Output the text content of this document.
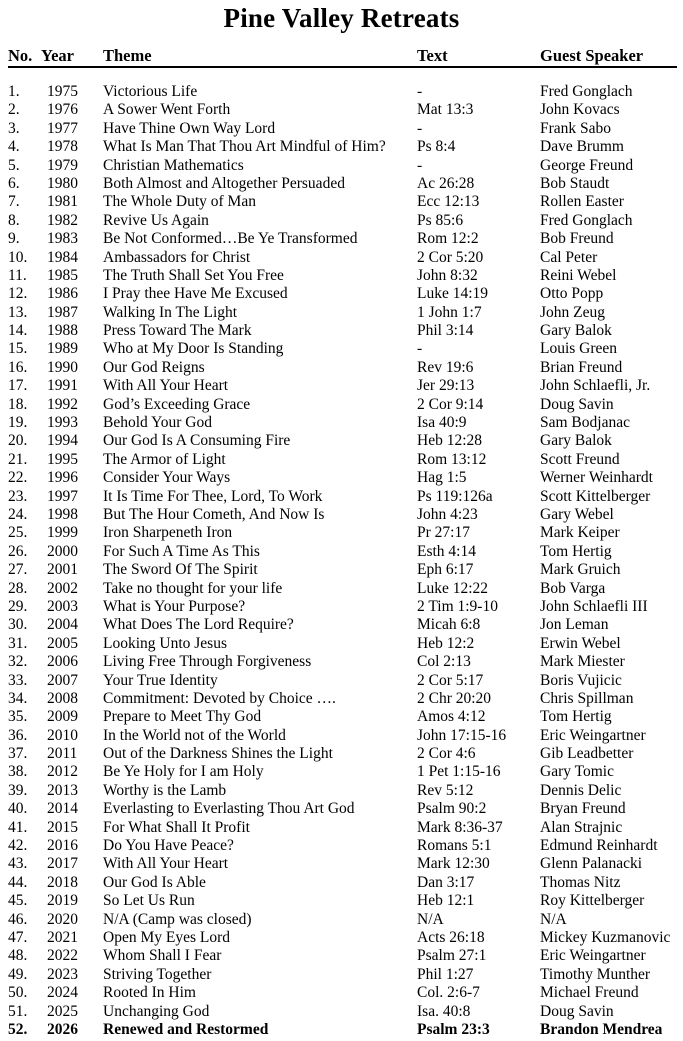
Pine Valley Retreats
No. Year	Theme	Text	Guest Speaker
1.	1975	Victorious Life	-	Fred Gonglach
2.	1976	A Sower Went Forth	Mat 13:3	John Kovacs
3.	1977	Have Thine Own Way Lord	-	Frank Sabo
4.	1978	What Is Man That Thou Art Mindful of Him?	Ps 8:4	Dave Brumm
5.	1979	Christian Mathematics	-	George Freund
6.	1980	Both Almost and Altogether Persuaded	Ac 26:28	Bob Staudt
7.	1981	The Whole Duty of Man	Ecc 12:13	Rollen Easter
8.	1982	Revive Us Again	Ps 85:6	Fred Gonglach
9.	1983	Be Not Conformed…Be Ye Transformed	Rom 12:2	Bob Freund
10.	1984	Ambassadors for Christ	2 Cor 5:20	Cal Peter
11.	1985	The Truth Shall Set You Free	John 8:32	Reini Webel
12.	1986	I Pray thee Have Me Excused	Luke 14:19	Otto Popp
13.	1987	Walking In The Light	1 John 1:7	John Zeug
14.	1988	Press Toward The Mark	Phil 3:14	Gary Balok
15.	1989	Who at My Door Is Standing	-	Louis Green
16.	1990	Our God Reigns	Rev 19:6	Brian Freund
17.	1991	With All Your Heart	Jer 29:13	John Schlaefli, Jr.
18.	1992	God’s Exceeding Grace	2 Cor 9:14	Doug Savin
19.	1993	Behold Your God	Isa 40:9	Sam Bodjanac
20.	1994	Our God Is A Consuming Fire	Heb 12:28	Gary Balok
21.	1995	The Armor of Light	Rom 13:12	Scott Freund
22.	1996	Consider Your Ways	Hag 1:5	Werner Weinhardt
23.	1997	It Is Time For Thee, Lord, To Work	Ps 119:126a	Scott Kittelberger
24.	1998	But The Hour Cometh, And Now Is	John 4:23	Gary Webel
25.	1999	Iron Sharpeneth Iron	Pr 27:17	Mark Keiper
26.	2000	For Such A Time As This	Esth 4:14	Tom Hertig
27.	2001	The Sword Of The Spirit	Eph 6:17	Mark Gruich
28.	2002	Take no thought for your life	Luke 12:22	Bob Varga
29.	2003	What is Your Purpose?	2 Tim 1:9-10	John Schlaefli III
30.	2004	What Does The Lord Require?	Micah 6:8	Jon Leman
31.	2005	Looking Unto Jesus	Heb 12:2	Erwin Webel
32.	2006	Living Free Through Forgiveness	Col 2:13	Mark Miester
33.	2007	Your True Identity	2 Cor 5:17	Boris Vujicic
34.	2008	Commitment: Devoted by Choice ….	2 Chr 20:20	Chris Spillman
35.	2009	Prepare to Meet Thy God	Amos 4:12	Tom Hertig
36.	2010	In the World not of the World	John 17:15-16	Eric Weingartner
37.	2011	Out of the Darkness Shines the Light	2 Cor 4:6	Gib Leadbetter
38.	2012	Be Ye Holy for I am Holy	1 Pet 1:15-16	Gary Tomic
39.	2013	Worthy is the Lamb	Rev 5:12	Dennis Delic
40.	2014	Everlasting to Everlasting Thou Art God	Psalm 90:2	Bryan Freund
41.	2015	For What Shall It Profit	Mark 8:36-37	Alan Strajnic
42.	2016	Do You Have Peace?	Romans 5:1	Edmund Reinhardt
43.	2017	With All Your Heart	Mark 12:30	Glenn Palanacki
44.	2018	Our God Is Able	Dan 3:17	Thomas Nitz
45.	2019	So Let Us Run	Heb 12:1	Roy Kittelberger
46.	2020	N/A (Camp was closed)	N/A	N/A
47.	2021	Open My Eyes Lord	Acts 26:18	Mickey Kuzmanovic
48.	2022	Whom Shall I Fear	Psalm 27:1	Eric Weingartner
49.	2023	Striving Together	Phil 1:27	Timothy Munther
50.	2024	Rooted In Him	Col. 2:6-7	Michael Freund
51.	2025	Unchanging God	Isa. 40:8	Doug Savin
52.	2026	Renewed and Restormed	Psalm 23:3	Brandon Mendrea
